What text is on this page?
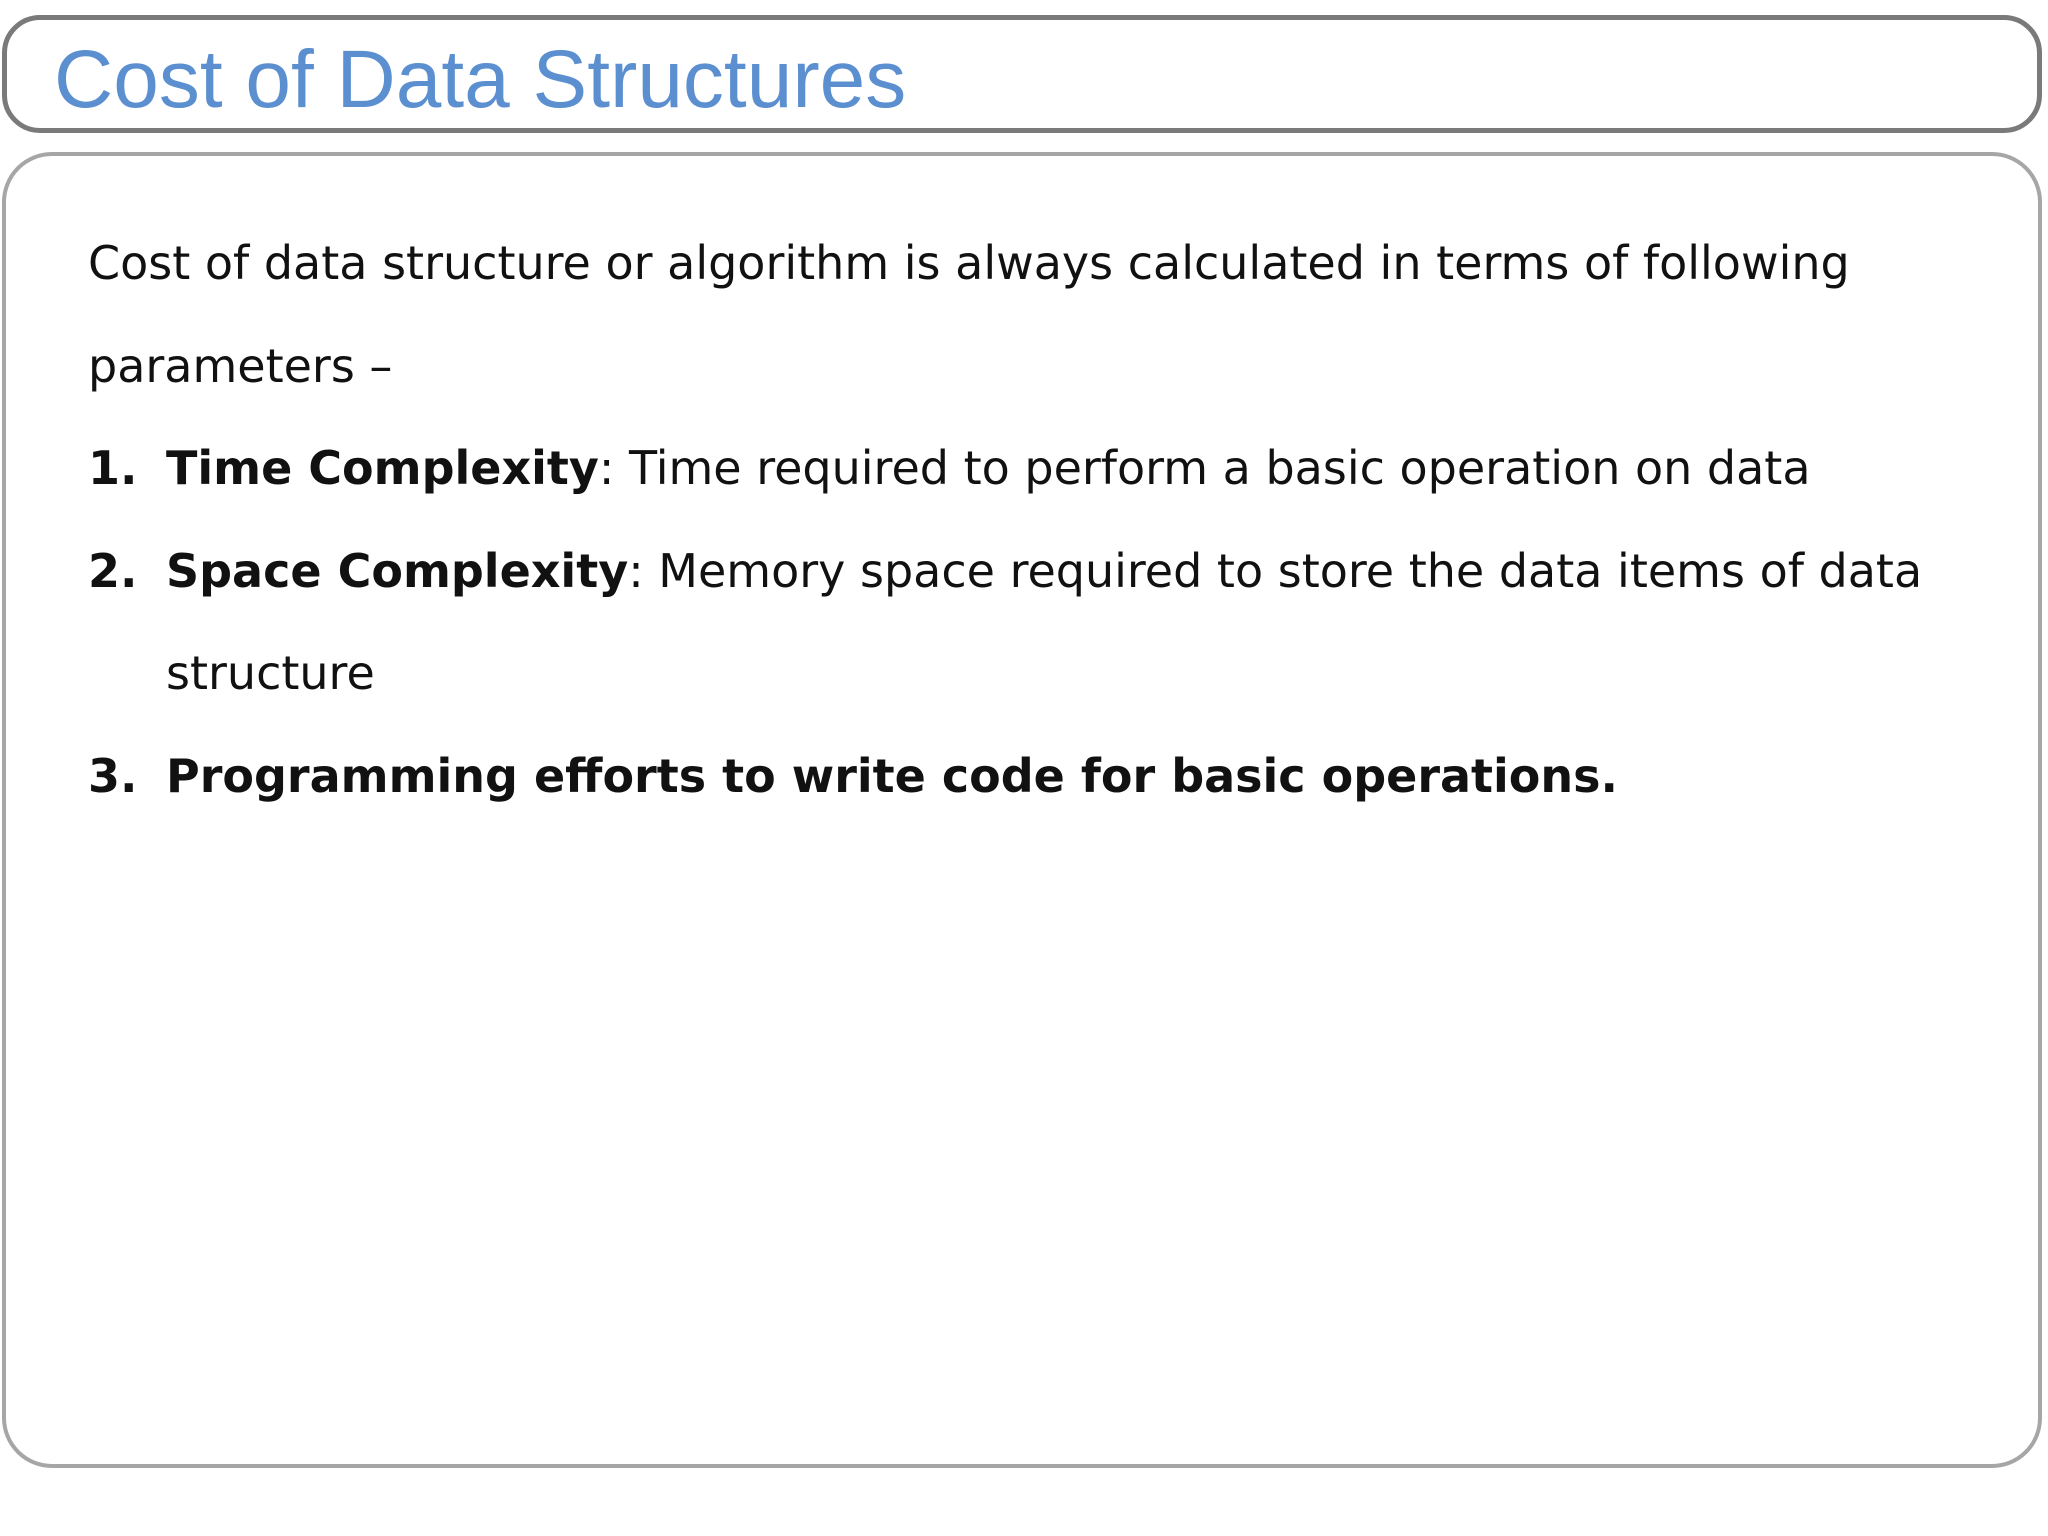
Cost of Data Structures

Cost of data structure or algorithm is always calculated in terms of following parameters –

1. Time Complexity: Time required to perform a basic operation on data
2. Space Complexity: Memory space required to store the data items of data structure
3. Programming efforts to write code for basic operations.
